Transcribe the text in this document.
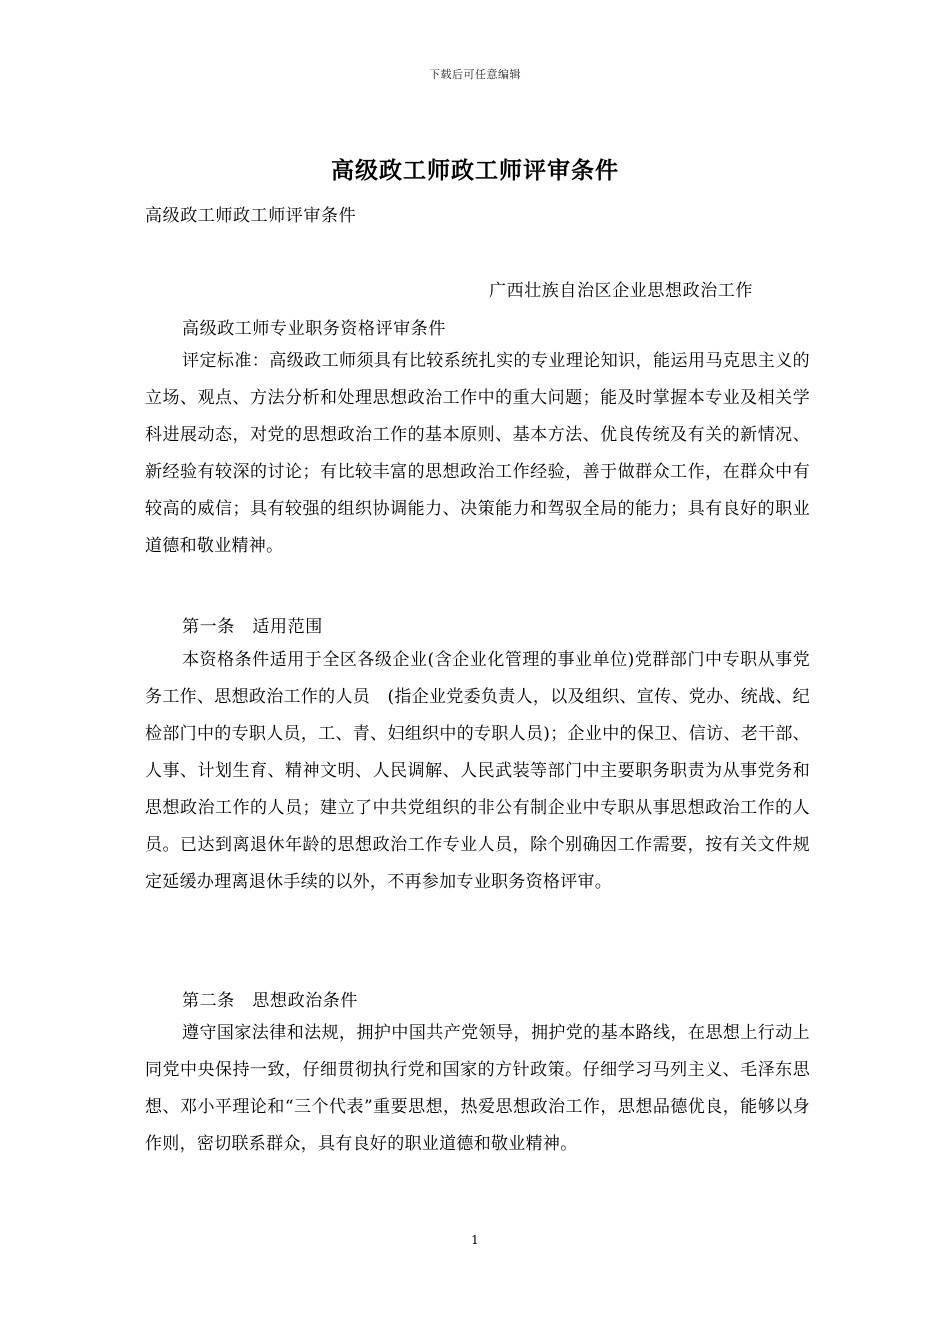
下载后可任意编辑
高级政工师政工师评审条件
高级政工师政工师评审条件
广西壮族自治区企业思想政治工作
高级政工师专业职务资格评审条件

评定标准：高级政工师须具有比较系统扎实的专业理论知识，能运用马克思主义的立场、观点、方法分析和处理思想政治工作中的重大问题；能及时掌握本专业及相关学科进展动态，对党的思想政治工作的基本原则、基本方法、优良传统及有关的新情况、新经验有较深的讨论；有比较丰富的思想政治工作经验，善于做群众工作，在群众中有较高的威信；具有较强的组织协调能力、决策能力和驾驭全局的能力；具有良好的职业道德和敬业精神。

第一条　适用范围

本资格条件适用于全区各级企业(含企业化管理的事业单位)党群部门中专职从事党务工作、思想政治工作的人员　(指企业党委负责人，以及组织、宣传、党办、统战、纪检部门中的专职人员，工、青、妇组织中的专职人员)；企业中的保卫、信访、老干部、人事、计划生育、精神文明、人民调解、人民武装等部门中主要职务职责为从事党务和思想政治工作的人员；建立了中共党组织的非公有制企业中专职从事思想政治工作的人员。已达到离退休年龄的思想政治工作专业人员，除个别确因工作需要，按有关文件规定延缓办理离退休手续的以外，不再参加专业职务资格评审。

第二条　思想政治条件

遵守国家法律和法规，拥护中国共产党领导，拥护党的基本路线，在思想上行动上同党中央保持一致，仔细贯彻执行党和国家的方针政策。仔细学习马列主义、毛泽东思想、邓小平理论和“三个代表”重要思想，热爱思想政治工作，思想品德优良，能够以身作则，密切联系群众，具有良好的职业道德和敬业精神。

1
